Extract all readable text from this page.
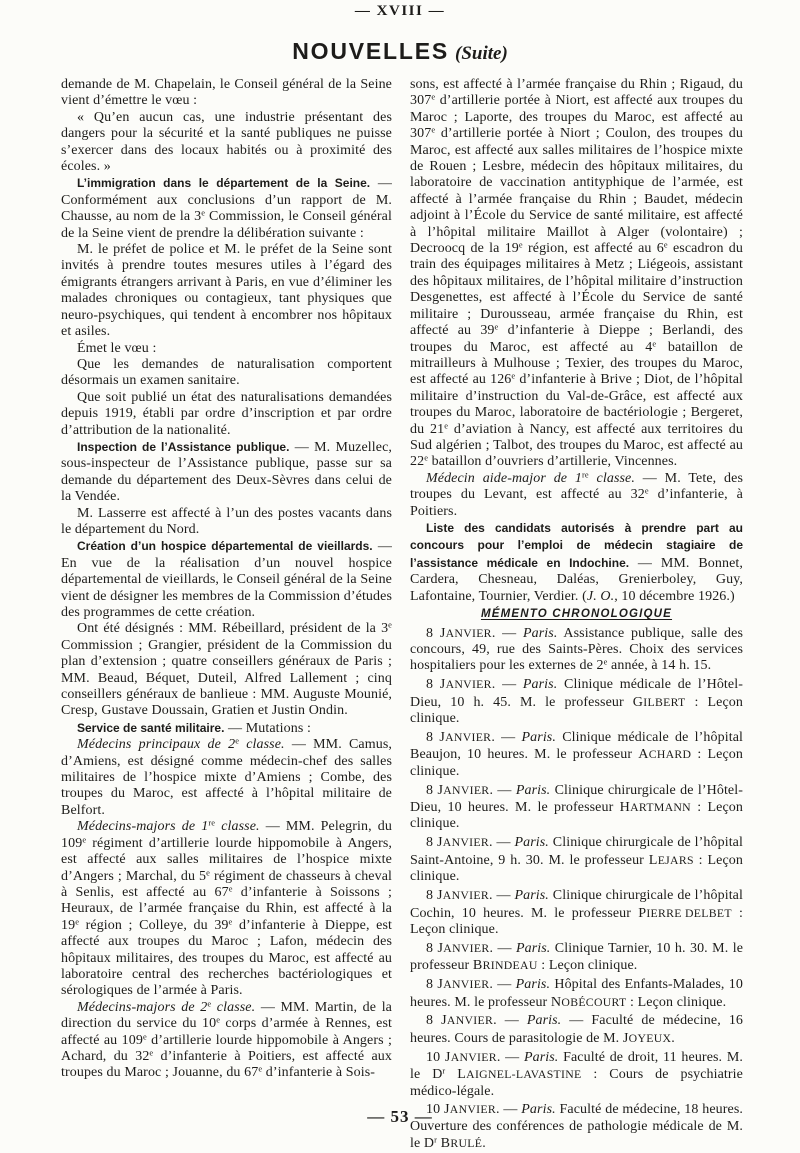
— XVIII —
NOUVELLES (Suite)

demande de M. Chapelain, le Conseil général de la Seine vient d’émettre le vœu :

« Qu’en aucun cas, une industrie présentant des dangers pour la sécurité et la santé publiques ne puisse s’exercer dans des locaux habités ou à proximité des écoles. »

L’immigration dans le département de la Seine. — Conformément aux conclusions d’un rapport de M. Chausse, au nom de la 3e Commission, le Conseil général de la Seine vient de prendre la délibération suivante :

M. le préfet de police et M. le préfet de la Seine sont invités à prendre toutes mesures utiles à l’égard des émigrants étrangers arrivant à Paris, en vue d’éliminer les malades chroniques ou contagieux, tant physiques que neuro-psychiques, qui tendent à encombrer nos hôpitaux et asiles.

Émet le vœu :

Que les demandes de naturalisation comportent désormais un examen sanitaire.

Que soit publié un état des naturalisations demandées depuis 1919, établi par ordre d’inscription et par ordre d’attribution de la nationalité.

Inspection de l’Assistance publique. — M. Muzellec, sous-inspecteur de l’Assistance publique, passe sur sa demande du département des Deux-Sèvres dans celui de la Vendée.

M. Lasserre est affecté à l’un des postes vacants dans le département du Nord.

Création d’un hospice départemental de vieillards. — En vue de la réalisation d’un nouvel hospice départemental de vieillards, le Conseil général de la Seine vient de désigner les membres de la Commission d’études des programmes de cette création.

Ont été désignés : MM. Rébeillard, président de la 3e Commission ; Grangier, président de la Commission du plan d’extension ; quatre conseillers généraux de Paris ; MM. Beaud, Béquet, Duteil, Alfred Lallement ; cinq conseillers généraux de banlieue : MM. Auguste Mounié, Cresp, Gustave Doussain, Gratien et Justin Ondin.

Service de santé militaire. — Mutations :

Médecins principaux de 2e classe. — MM. Camus, d’Amiens, est désigné comme médecin-chef des salles militaires de l’hospice mixte d’Amiens ; Combe, des troupes du Maroc, est affecté à l’hôpital militaire de Belfort.

Médecins-majors de 1re classe. — MM. Pelegrin, du 109e régiment d’artillerie lourde hippomobile à Angers, est affecté aux salles militaires de l’hospice mixte d’Angers ; Marchal, du 5e régiment de chasseurs à cheval à Senlis, est affecté au 67e d’infanterie à Soissons ; Heuraux, de l’armée française du Rhin, est affecté à la 19e région ; Colleye, du 39e d’infanterie à Dieppe, est affecté aux troupes du Maroc ; Lafon, médecin des hôpitaux militaires, des troupes du Maroc, est affecté au laboratoire central des recherches bactériologiques et sérologiques de l’armée à Paris.

Médecins-majors de 2e classe. — MM. Martin, de la direction du service du 10e corps d’armée à Rennes, est affecté au 109e d’artillerie lourde hippomobile à Angers ; Achard, du 32e d’infanterie à Poitiers, est affecté aux troupes du Maroc ; Jouanne, du 67e d’infanterie à Sois-

sons, est affecté à l’armée française du Rhin ; Rigaud, du 307e d’artillerie portée à Niort, est affecté aux troupes du Maroc ; Laporte, des troupes du Maroc, est affecté au 307e d’artillerie portée à Niort ; Coulon, des troupes du Maroc, est affecté aux salles militaires de l’hospice mixte de Rouen ; Lesbre, médecin des hôpitaux militaires, du laboratoire de vaccination antityphique de l’armée, est affecté à l’armée française du Rhin ; Baudet, médecin adjoint à l’École du Service de santé militaire, est affecté à l’hôpital militaire Maillot à Alger (volontaire) ; Decroocq de la 19e région, est affecté au 6e escadron du train des équipages militaires à Metz ; Liégeois, assistant des hôpitaux militaires, de l’hôpital militaire d’instruction Desgenettes, est affecté à l’École du Service de santé militaire ; Durousseau, armée française du Rhin, est affecté au 39e d’infanterie à Dieppe ; Berlandi, des troupes du Maroc, est affecté au 4e bataillon de mitrailleurs à Mulhouse ; Texier, des troupes du Maroc, est affecté au 126e d’infanterie à Brive ; Diot, de l’hôpital militaire d’instruction du Val-de-Grâce, est affecté aux troupes du Maroc, laboratoire de bactériologie ; Bergeret, du 21e d’aviation à Nancy, est affecté aux territoires du Sud algérien ; Talbot, des troupes du Maroc, est affecté au 22e bataillon d’ouvriers d’artillerie, Vincennes.

Médecin aide-major de 1re classe. — M. Tete, des troupes du Levant, est affecté au 32e d’infanterie, à Poitiers.

Liste des candidats autorisés à prendre part au concours pour l’emploi de médecin stagiaire de l’assistance médicale en Indochine. — MM. Bonnet, Cardera, Chesneau, Daléas, Grenierboley, Guy, Lafontaine, Tournier, Verdier. (J. O., 10 décembre 1926.)

MÉMENTO CHRONOLOGIQUE

8 JANVIER. — Paris. Assistance publique, salle des concours, 49, rue des Saints-Pères. Choix des services hospitaliers pour les externes de 2e année, à 14 h. 15.

8 JANVIER. — Paris. Clinique médicale de l’Hôtel-Dieu, 10 h. 45. M. le professeur GILBERT : Leçon clinique.

8 JANVIER. — Paris. Clinique médicale de l’hôpital Beaujon, 10 heures. M. le professeur ACHARD : Leçon clinique.

8 JANVIER. — Paris. Clinique chirurgicale de l’Hôtel-Dieu, 10 heures. M. le professeur HARTMANN : Leçon clinique.

8 JANVIER. — Paris. Clinique chirurgicale de l’hôpital Saint-Antoine, 9 h. 30. M. le professeur LEJARS : Leçon clinique.

8 JANVIER. — Paris. Clinique chirurgicale de l’hôpital Cochin, 10 heures. M. le professeur PIERRE DELBET : Leçon clinique.

8 JANVIER. — Paris. Clinique Tarnier, 10 h. 30. M. le professeur BRINDEAU : Leçon clinique.

8 JANVIER. — Paris. Hôpital des Enfants-Malades, 10 heures. M. le professeur NOBÉCOURT : Leçon clinique.

8 JANVIER. — Paris. — Faculté de médecine, 16 heures. Cours de parasitologie de M. JOYEUX.

10 JANVIER. — Paris. Faculté de droit, 11 heures. M. le $D^r$ LAIGNEL-LAVASTINE : Cours de psychiatrie médico-légale.

10 JANVIER. — Paris. Faculté de médecine, 18 heures. Ouverture des conférences de pathologie médicale de M. le $D^r$ BRULÉ.

— 53 —
